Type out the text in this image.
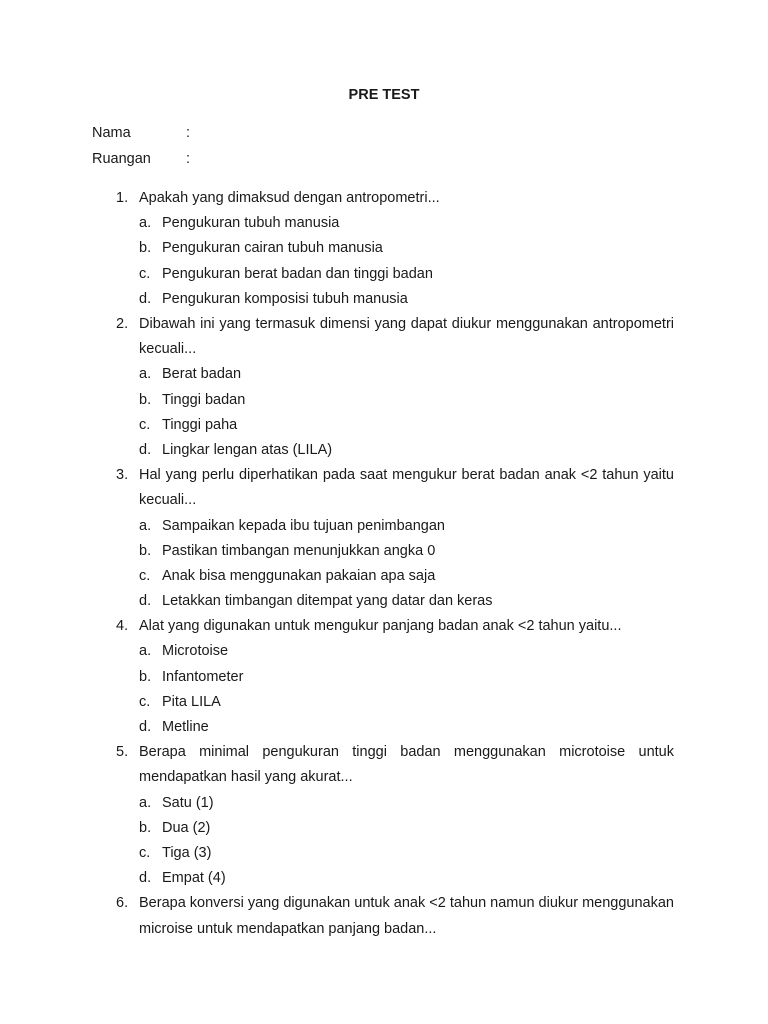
PRE TEST
Nama	:
Ruangan :
1. Apakah yang dimaksud dengan antropometri...
a. Pengukuran tubuh manusia
b. Pengukuran cairan tubuh manusia
c. Pengukuran berat badan dan tinggi badan
d. Pengukuran komposisi tubuh manusia
2. Dibawah ini yang termasuk dimensi yang dapat diukur menggunakan antropometri kecuali...
a. Berat badan
b. Tinggi badan
c. Tinggi paha
d. Lingkar lengan atas (LILA)
3. Hal yang perlu diperhatikan pada saat mengukur berat badan anak <2 tahun yaitu kecuali...
a. Sampaikan kepada ibu tujuan penimbangan
b. Pastikan timbangan menunjukkan angka 0
c. Anak bisa menggunakan pakaian apa saja
d. Letakkan timbangan ditempat yang datar dan keras
4. Alat yang digunakan untuk mengukur panjang badan anak <2 tahun yaitu...
a. Microtoise
b. Infantometer
c. Pita LILA
d. Metline
5. Berapa minimal pengukuran tinggi badan menggunakan microtoise untuk mendapatkan hasil yang akurat...
a. Satu (1)
b. Dua (2)
c. Tiga (3)
d. Empat (4)
6. Berapa konversi yang digunakan untuk anak <2 tahun namun diukur menggunakan microise untuk mendapatkan panjang badan...
